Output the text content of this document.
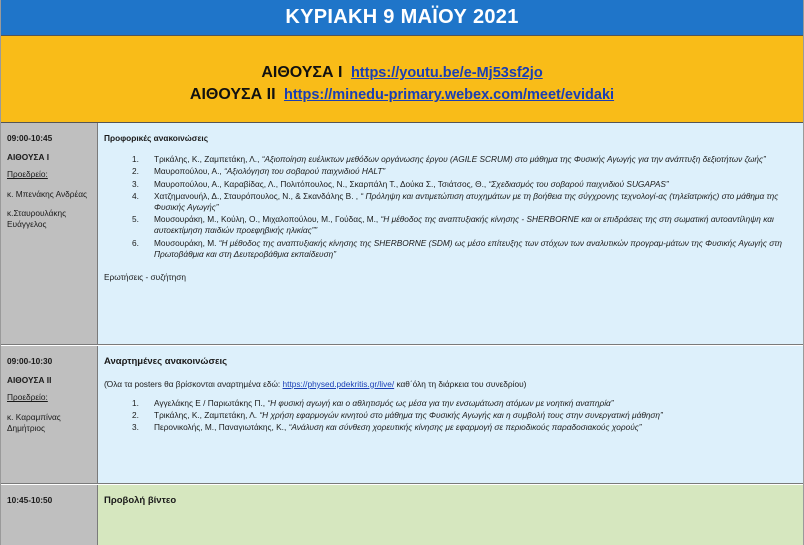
ΚΥΡΙΑΚΗ 9 ΜΑΪΟΥ 2021
ΑΙΘΟΥΣΑ Ι https://youtu.be/e-Mj53sf2jo
ΑΙΘΟΥΣΑ ΙΙ https://minedu-primary.webex.com/meet/evidaki
09:00-10:45
ΑΙΘΟΥΣΑ Ι
Προεδρείο:
κ. Μπενάκης Ανδρέας
κ.Σταυρουλάκης Ευάγγελος
Προφορικές ανακοινώσεις
1. Τρικάλης, Κ., Ζαμπετάκη, Λ., “Αξιοποίηση ευέλικτων μεθόδων οργάνωσης έργου (AGILE SCRUM) στο μάθημα της Φυσικής Αγωγής για την ανάπτυξη δεξιοτήτων ζωής”
2. Μαυροπούλου, Α., “Αξιολόγηση του σοβαρού παιχνιδιού HALT”
3. Μαυροπούλου, Α., Καραβίδας, Λ., Πολιτόπουλος, Ν., Σκαρπάλη Τ., Δούκα Σ., Τσιάτσος, Θ., “Σχεδιασμός του σοβαρού παιχνιδιού SUGAPAS”
4. Χατζημανουήλ, Δ., Σταυρόπουλος, Ν., & Σκανδάλης Β. , “ Πρόληψη και αντιμετώπιση ατυχημάτων με τη βοήθεια της σύγχρονης τεχνολογί-ας (τηλεϊατρικής) στο μάθημα της Φυσικής Αγωγής”
5. Μουσουράκη, Μ., Κούλη, Ο., Μιχαλοπούλου, Μ., Γούδας, Μ., “Η μέθοδος της αναπτυξιακής κίνησης - SHERBORNE και οι επιδράσεις της στη σωματική αυτοαντίληψη και αυτοεκτίμηση παιδιών προεφηβικής ηλικίας””
6. Μουσουράκη, Μ. “Η μέθοδος της αναπτυξιακής κίνησης της SHERBORNE (SDM) ως μέσο επίτευξης των στόχων των αναλυτικών προγραμ-μάτων της Φυσικής Αγωγής στη Πρωτοβάθμια και στη Δευτεροβάθμια εκπαίδευση”
Ερωτήσεις - συζήτηση
09:00-10:30
ΑΙΘΟΥΣΑ ΙΙ
Προεδρείο:
κ. Καραμπίνας Δημήτριος
Αναρτημένες ανακοινώσεις
(Όλα τα posters θα βρίσκονται αναρτημένα εδώ: https://physed.pdekritis.gr/live/ καθ΄όλη τη διάρκεια του συνεδρίου)
1. Αγγελάκης Ε / Παριωτάκης Π., “Η φυσική αγωγή και ο αθλητισμός ως μέσα για την ενσωμάτωση ατόμων με νοητική αναπηρία”
2. Τρικάλης, Κ., Ζαμπετάκη, Λ. “Η χρήση εφαρμογών κινητού στο μάθημα της Φυσικής Αγωγής και η συμβολή τους στην συνεργατική μάθηση”
3. Περονικολής, Μ., Παναγιωτάκης, Κ., “Ανάλυση και σύνθεση χορευτικής κίνησης με εφαρμογή σε περιοδικούς παραδοσιακούς χορούς”
10:45-10:50	Προβολή βίντεο
